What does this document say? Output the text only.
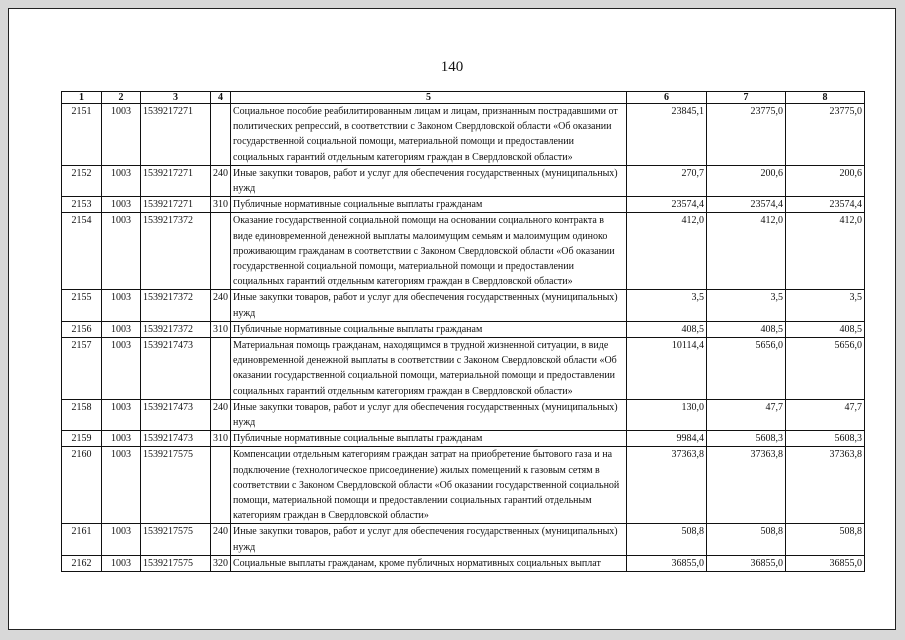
140
1	2	3	4	5	6	7	8
2151	1003	1539217271		Социальное пособие реабилитированным лицам и лицам, признанным пострадавшими от политических репрессий, в соответствии с Законом Свердловской области «Об оказании государственной социальной помощи, материальной помощи и предоставлении социальных гарантий отдельным категориям граждан в Свердловской области»	23845,1	23775,0	23775,0
2152	1003	1539217271	240	Иные закупки товаров, работ и услуг для обеспечения государственных (муниципальных) нужд	270,7	200,6	200,6
2153	1003	1539217271	310	Публичные нормативные социальные выплаты гражданам	23574,4	23574,4	23574,4
2154	1003	1539217372		Оказание государственной социальной помощи на основании социального контракта в виде единовременной денежной выплаты малоимущим семьям и малоимущим одиноко проживающим гражданам в соответствии с Законом Свердловской области «Об оказании государственной социальной помощи, материальной помощи и предоставлении социальных гарантий отдельным категориям граждан в Свердловской области»	412,0	412,0	412,0
2155	1003	1539217372	240	Иные закупки товаров, работ и услуг для обеспечения государственных (муниципальных) нужд	3,5	3,5	3,5
2156	1003	1539217372	310	Публичные нормативные социальные выплаты гражданам	408,5	408,5	408,5
2157	1003	1539217473		Материальная помощь гражданам, находящимся в трудной жизненной ситуации, в виде единовременной денежной выплаты в соответствии с Законом Свердловской области «Об оказании государственной социальной помощи, материальной помощи и предоставлении социальных гарантий отдельным категориям граждан в Свердловской области»	10114,4	5656,0	5656,0
2158	1003	1539217473	240	Иные закупки товаров, работ и услуг для обеспечения государственных (муниципальных) нужд	130,0	47,7	47,7
2159	1003	1539217473	310	Публичные нормативные социальные выплаты гражданам	9984,4	5608,3	5608,3
2160	1003	1539217575		Компенсации отдельным категориям граждан затрат на приобретение бытового газа и на подключение (технологическое присоединение) жилых помещений к газовым сетям в соответствии с Законом Свердловской области «Об оказании государственной социальной помощи, материальной помощи и предоставлении социальных гарантий отдельным категориям граждан в Свердловской области»	37363,8	37363,8	37363,8
2161	1003	1539217575	240	Иные закупки товаров, работ и услуг для обеспечения государственных (муниципальных) нужд	508,8	508,8	508,8
2162	1003	1539217575	320	Социальные выплаты гражданам, кроме публичных нормативных социальных выплат	36855,0	36855,0	36855,0
